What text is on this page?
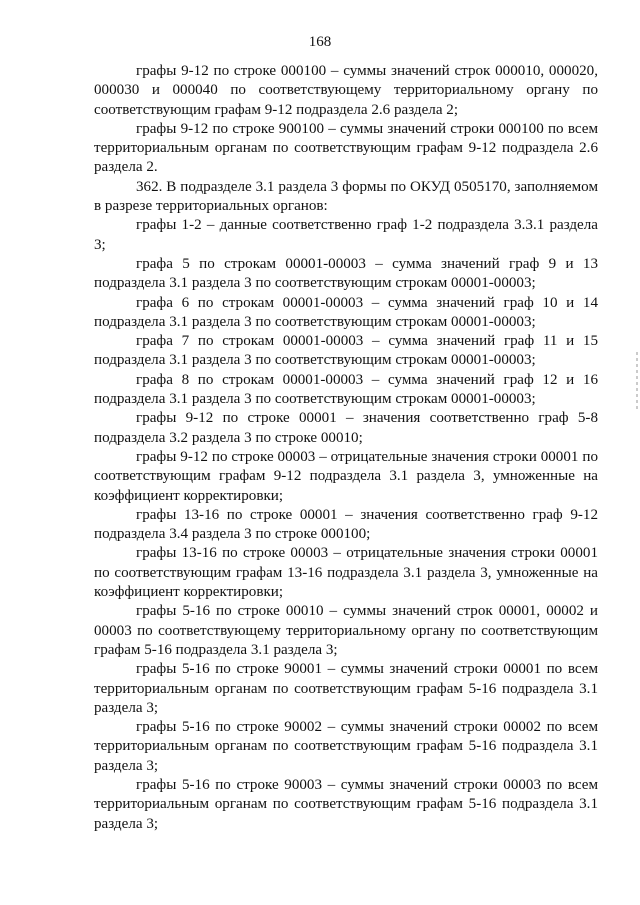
168

графы 9-12 по строке 000100 – суммы значений строк 000010, 000020, 000030 и 000040 по соответствующему территориальному органу по соответствующим графам 9-12 подраздела 2.6 раздела 2;

графы 9-12 по строке 900100 – суммы значений строки 000100 по всем территориальным органам по соответствующим графам 9-12 подраздела 2.6 раздела 2.

362. В подразделе 3.1 раздела 3 формы по ОКУД 0505170, заполняемом в разрезе территориальных органов:

графы 1-2 – данные соответственно граф 1-2 подраздела 3.3.1 раздела 3;

графа 5 по строкам 00001-00003 – сумма значений граф 9 и 13 подраздела 3.1 раздела 3 по соответствующим строкам 00001-00003;

графа 6 по строкам 00001-00003 – сумма значений граф 10 и 14 подраздела 3.1 раздела 3 по соответствующим строкам 00001-00003;

графа 7 по строкам 00001-00003 – сумма значений граф 11 и 15 подраздела 3.1 раздела 3 по соответствующим строкам 00001-00003;

графа 8 по строкам 00001-00003 – сумма значений граф 12 и 16 подраздела 3.1 раздела 3 по соответствующим строкам 00001-00003;

графы 9-12 по строке 00001 – значения соответственно граф 5-8 подраздела 3.2 раздела 3 по строке 00010;

графы 9-12 по строке 00003 – отрицательные значения строки 00001 по соответствующим графам 9-12 подраздела 3.1 раздела 3, умноженные на коэффициент корректировки;

графы 13-16 по строке 00001 – значения соответственно граф 9-12 подраздела 3.4 раздела 3 по строке 000100;

графы 13-16 по строке 00003 – отрицательные значения строки 00001 по соответствующим графам 13-16 подраздела 3.1 раздела 3, умноженные на коэффициент корректировки;

графы 5-16 по строке 00010 – суммы значений строк 00001, 00002 и 00003 по соответствующему территориальному органу по соответствующим графам 5-16 подраздела 3.1 раздела 3;

графы 5-16 по строке 90001 – суммы значений строки 00001 по всем территориальным органам по соответствующим графам 5-16 подраздела 3.1 раздела 3;

графы 5-16 по строке 90002 – суммы значений строки 00002 по всем территориальным органам по соответствующим графам 5-16 подраздела 3.1 раздела 3;

графы 5-16 по строке 90003 – суммы значений строки 00003 по всем территориальным органам по соответствующим графам 5-16 подраздела 3.1 раздела 3;
